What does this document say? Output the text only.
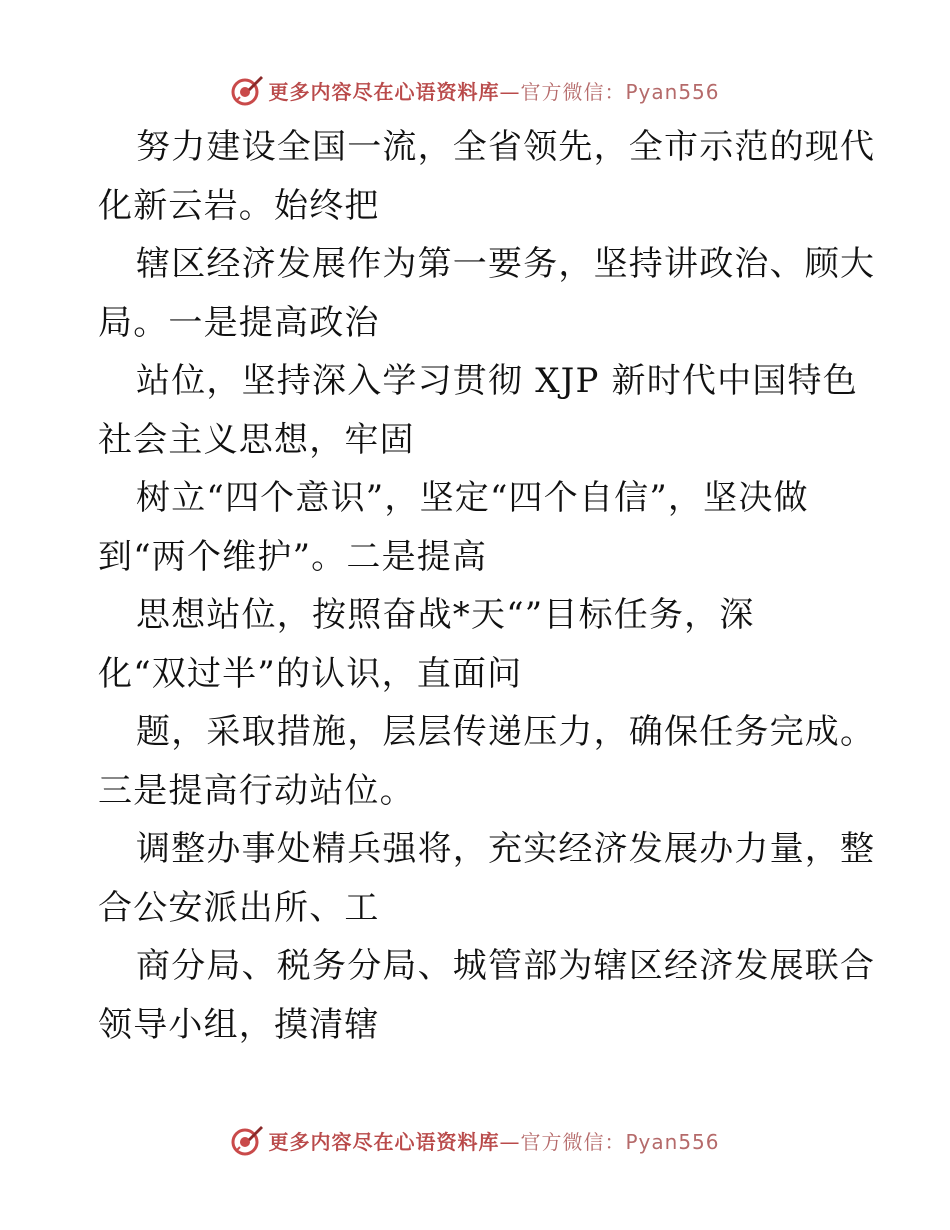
更多内容尽在心语资料库—官方微信：Pyan556
努力建设全国一流，全省领先，全市示范的现代
化新云岩。始终把
辖区经济发展作为第一要务，坚持讲政治、顾大
局。一是提高政治
站位，坚持深入学习贯彻 XJP 新时代中国特色
社会主义思想，牢固
树立“四个意识”，坚定“四个自信”，坚决做
到“两个维护”。二是提高
思想站位，按照奋战*天“”目标任务，深
化“双过半”的认识，直面问
题，采取措施，层层传递压力，确保任务完成。
三是提高行动站位。
调整办事处精兵强将，充实经济发展办力量，整
合公安派出所、工
商分局、税务分局、城管部为辖区经济发展联合
领导小组，摸清辖
更多内容尽在心语资料库—官方微信：Pyan556
